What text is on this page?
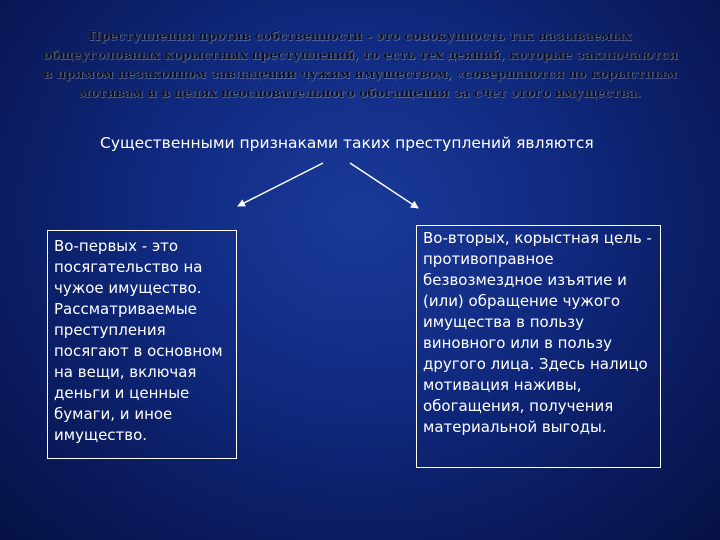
Преступления против собственности - это совокупность так называемых общеуголовных корыстных преступлений, то есть тех деяний, которые заключаются в прямом незаконном завладении чужим имуществом, «совершаются по корыстным мотивам и в целях неосновательного обогащения за счет этого имущества.
Существенными признаками таких преступлений являются
Во-первых - это посягательство на чужое имущество. Рассматриваемые преступления посягают в основном на вещи, включая деньги и ценные бумаги, и иное имущество.
Во-вторых, корыстная цель - противоправное безвозмездное изъятие и (или) обращение чужого имущества в пользу виновного или в пользу другого лица. Здесь налицо мотивация наживы, обогащения, получения материальной выгоды.
